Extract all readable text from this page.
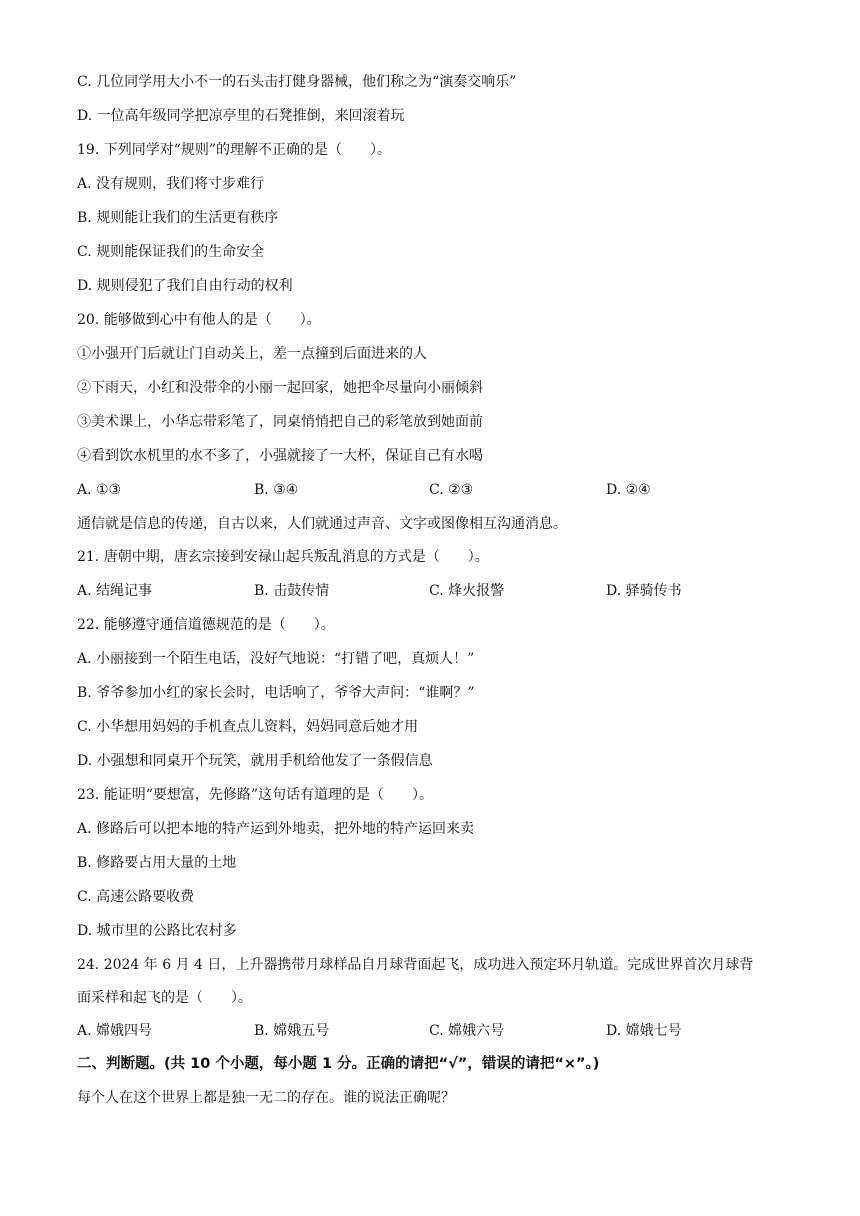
C. 几位同学用大小不一的石头击打健身器械，他们称之为“演奏交响乐”
D. 一位高年级同学把凉亭里的石凳推倒，来回滚着玩
19. 下列同学对“规则”的理解不正确的是（　　）。
A. 没有规则，我们将寸步难行
B. 规则能让我们的生活更有秩序
C. 规则能保证我们的生命安全
D. 规则侵犯了我们自由行动的权利
20. 能够做到心中有他人的是（　　）。
①小强开门后就让门自动关上，差一点撞到后面进来的人
②下雨天，小红和没带伞的小丽一起回家，她把伞尽量向小丽倾斜
③美术课上，小华忘带彩笔了，同桌悄悄把自己的彩笔放到她面前
④看到饮水机里的水不多了，小强就接了一大杯，保证自己有水喝
A. ①③	B. ③④	C. ②③	D. ②④
通信就是信息的传递，自古以来，人们就通过声音、文字或图像相互沟通消息。
21. 唐朝中期，唐玄宗接到安禄山起兵叛乱消息的方式是（　　）。
A. 结绳记事	B. 击鼓传情	C. 烽火报警	D. 驿骑传书
22. 能够遵守通信道德规范的是（　　）。
A. 小丽接到一个陌生电话，没好气地说：“打错了吧，真烦人！”
B. 爷爷参加小红的家长会时，电话响了，爷爷大声问：“谁啊？”
C. 小华想用妈妈的手机查点儿资料，妈妈同意后她才用
D. 小强想和同桌开个玩笑，就用手机给他发了一条假信息
23. 能证明“要想富，先修路”这句话有道理的是（　　）。
A. 修路后可以把本地的特产运到外地卖，把外地的特产运回来卖
B. 修路要占用大量的土地
C. 高速公路要收费
D. 城市里的公路比农村多
24. 2024 年 6 月 4 日，上升器携带月球样品自月球背面起飞，成功进入预定环月轨道。完成世界首次月球背
面采样和起飞的是（　　）。
A. 嫦娥四号	B. 嫦娥五号	C. 嫦娥六号	D. 嫦娥七号
二、判断题。(共 10 个小题，每小题 1 分。正确的请把“√”，错误的请把“×”。)
每个人在这个世界上都是独一无二的存在。谁的说法正确呢？
